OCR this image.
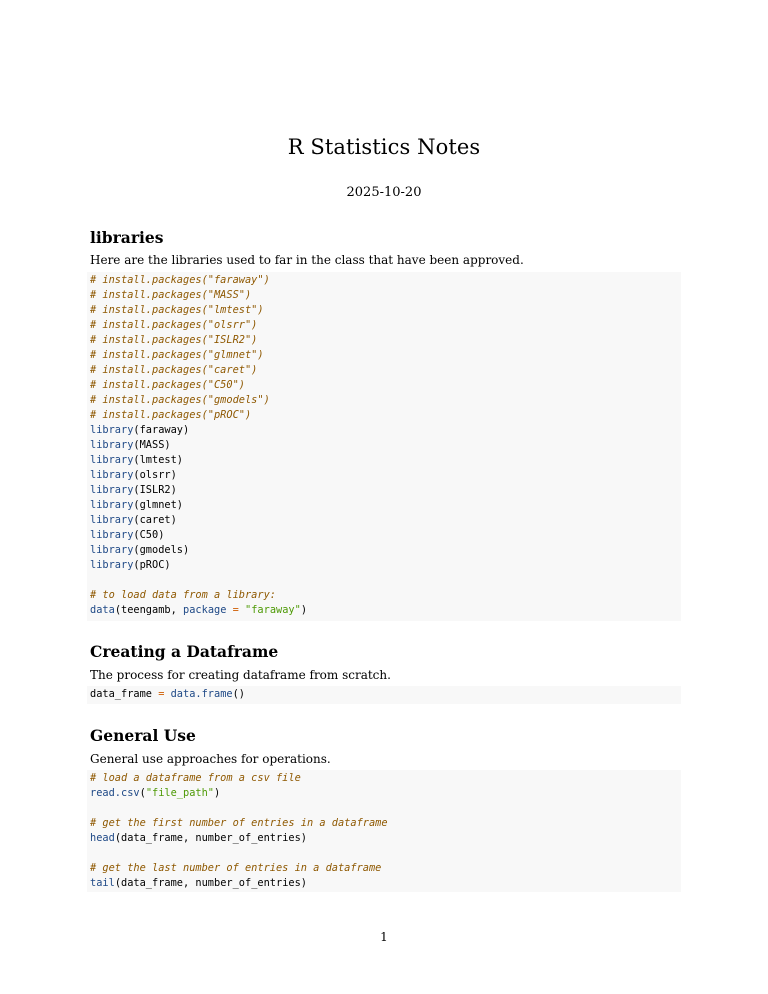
R Statistics Notes
2025-10-20
libraries

Here are the libraries used to far in the class that have been approved.

# install.packages("faraway")
# install.packages("MASS")
# install.packages("lmtest")
# install.packages("olsrr")
# install.packages("ISLR2")
# install.packages("glmnet")
# install.packages("caret")
# install.packages("C50")
# install.packages("gmodels")
# install.packages("pROC")
library(faraway)
library(MASS)
library(lmtest)
library(olsrr)
library(ISLR2)
library(glmnet)
library(caret)
library(C50)
library(gmodels)
library(pROC)
# to load data from a library:
data(teengamb, package = "faraway")
Creating a Dataframe

The process for creating dataframe from scratch.

data_frame = data.frame()
General Use

General use approaches for operations.

# load a dataframe from a csv file
read.csv("file_path")
# get the first number of entries in a dataframe
head(data_frame, number_of_entries)
# get the last number of entries in a dataframe
tail(data_frame, number_of_entries)
1
